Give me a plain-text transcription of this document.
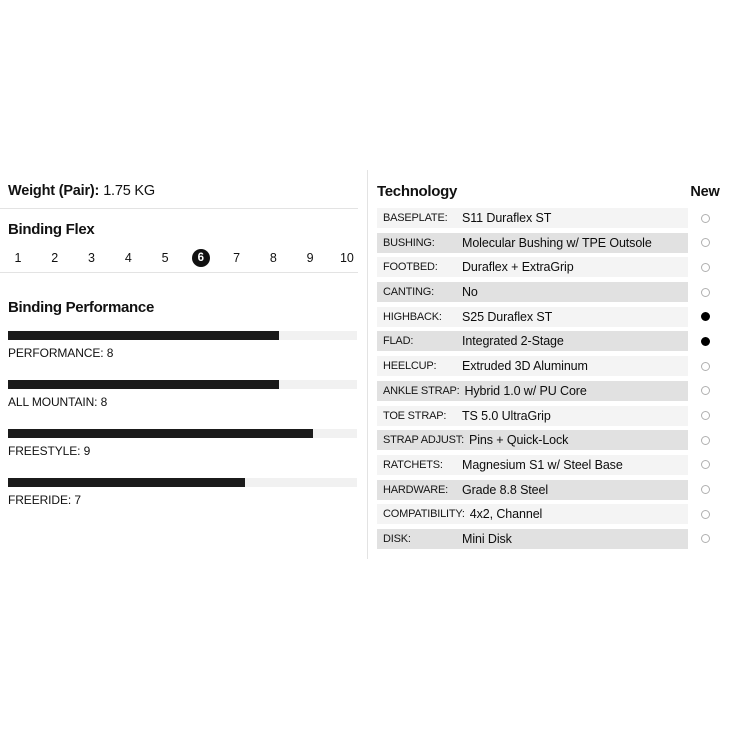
Weight (Pair): 1.75 KG
Binding Flex
1	2	3	4	5	6	7	8	9	10
Binding Performance
PERFORMANCE: 8
ALL MOUNTAIN: 8
FREESTYLE: 9
FREERIDE: 7
Technology	New
BASEPLATE:	S11 Duraflex ST
BUSHING:	Molecular Bushing w/ TPE Outsole
FOOTBED:	Duraflex + ExtraGrip
CANTING:	No
HIGHBACK:	S25 Duraflex ST
FLAD:	Integrated 2-Stage
HEELCUP:	Extruded 3D Aluminum
ANKLE STRAP: Hybrid 1.0 w/ PU Core
TOE STRAP:	TS 5.0 UltraGrip
STRAP ADJUST: Pins + Quick-Lock
RATCHETS:	Magnesium S1 w/ Steel Base
HARDWARE:	Grade 8.8 Steel
COMPATIBILITY: 4x2, Channel
DISK:	Mini Disk
